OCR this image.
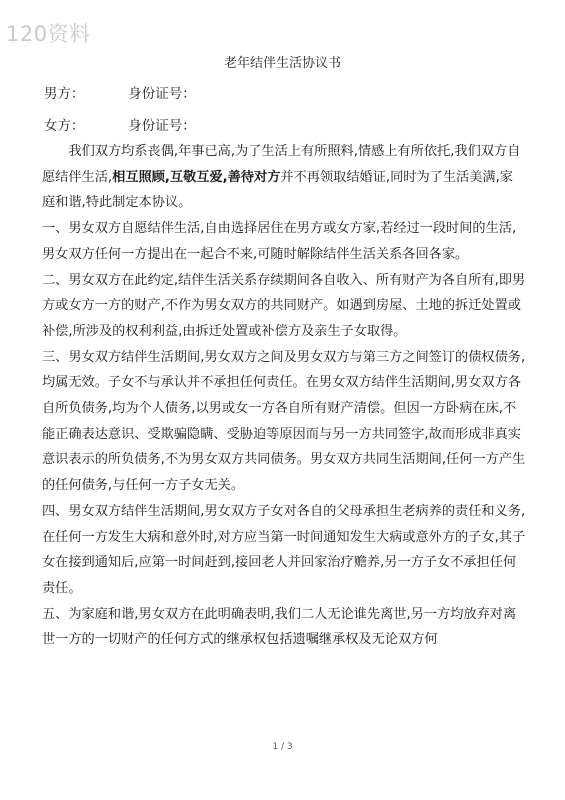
120资料
老年结伴生活协议书
男方：	身份证号：
女方：	身份证号：

我们双方均系丧偶,年事已高,为了生活上有所照料,情感上有所依托,我们双方自愿结伴生活,相互照顾,互敬互爱,善待对方并不再领取结婚证,同时为了生活美满,家庭和谐,特此制定本协议。

一、男女双方自愿结伴生活,自由选择居住在男方或女方家,若经过一段时间的生活,男女双方任何一方提出在一起合不来,可随时解除结伴生活关系各回各家。

二、男女双方在此约定,结伴生活关系存续期间各自收入、所有财产为各自所有,即男方或女方一方的财产,不作为男女双方的共同财产。如遇到房屋、土地的拆迁处置或补偿,所涉及的权利利益,由拆迁处置或补偿方及亲生子女取得。

三、男女双方结伴生活期间,男女双方之间及男女双方与第三方之间签订的债权债务,均属无效。子女不与承认并不承担任何责任。在男女双方结伴生活期间,男女双方各自所负债务,均为个人债务,以男或女一方各自所有财产清偿。但因一方卧病在床,不能正确表达意识、受欺骗隐瞒、受胁迫等原因而与另一方共同签字,故而形成非真实意识表示的所负债务,不为男女双方共同债务。男女双方共同生活期间,任何一方产生的任何债务,与任何一方子女无关。

四、男女双方结伴生活期间,男女双方子女对各自的父母承担生老病养的责任和义务,在任何一方发生大病和意外时,对方应当第一时间通知发生大病或意外方的子女,其子女在接到通知后,应第一时间赶到,接回老人并回家治疗赡养,另一方子女不承担任何责任。

五、为家庭和谐,男女双方在此明确表明,我们二人无论谁先离世,另一方均放弃对离世一方的一切财产的任何方式的继承权包括遗嘱继承权及无论双方何

1 / 3
